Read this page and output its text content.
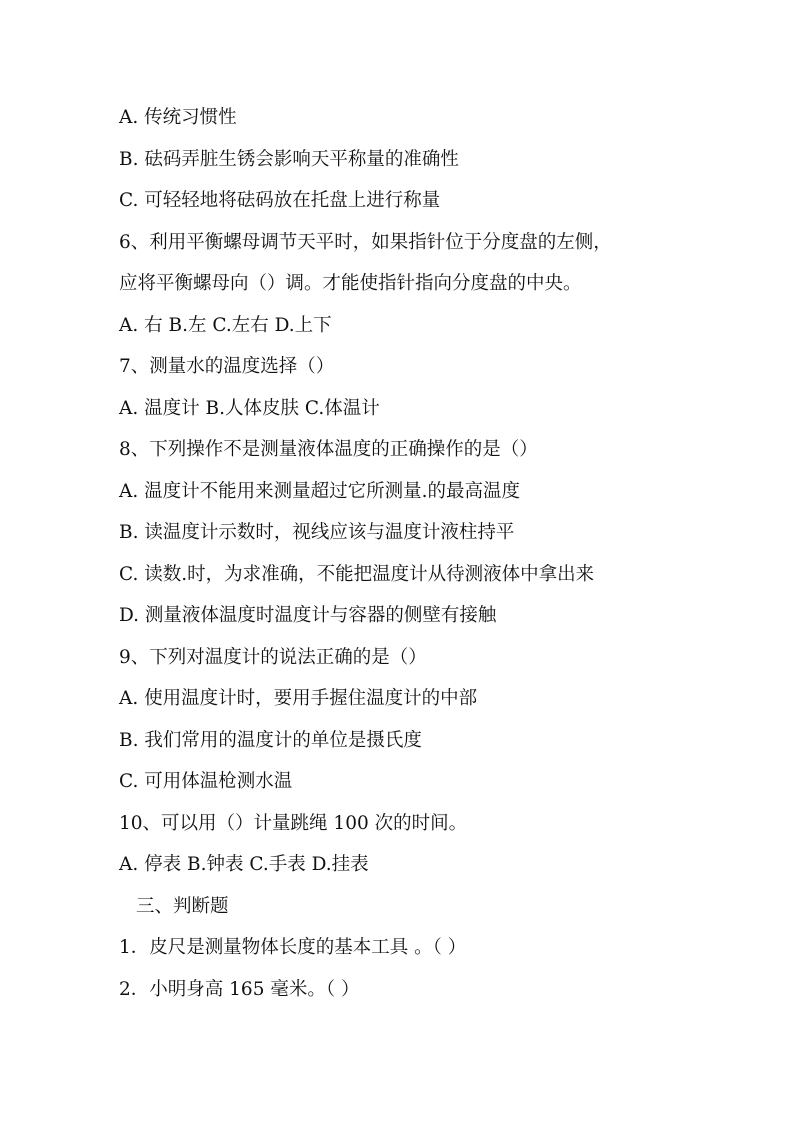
A. 传统习惯性
B. 砝码弄脏生锈会影响天平称量的准确性
C. 可轻轻地将砝码放在托盘上进行称量
6、利用平衡螺母调节天平时，如果指针位于分度盘的左侧，
应将平衡螺母向（）调。才能使指针指向分度盘的中央。
A. 右 B.左 C.左右 D.上下
7、测量水的温度选择（）
A. 温度计 B.人体皮肤 C.体温计
8、下列操作不是测量液体温度的正确操作的是（）
A. 温度计不能用来测量超过它所测量.的最高温度
B. 读温度计示数时，视线应该与温度计液柱持平
C. 读数.时，为求准确，不能把温度计从待测液体中拿出来
D. 测量液体温度时温度计与容器的侧壁有接触
9、下列对温度计的说法正确的是（）
A. 使用温度计时，要用手握住温度计的中部
B. 我们常用的温度计的单位是摄氏度
C. 可用体温枪测水温
10、可以用（）计量跳绳 100 次的时间。
A. 停表 B.钟表 C.手表 D.挂表
三、判断题
1．皮尺是测量物体长度的基本工具 。（ ）
2．小明身高 165 毫米。（ ）
